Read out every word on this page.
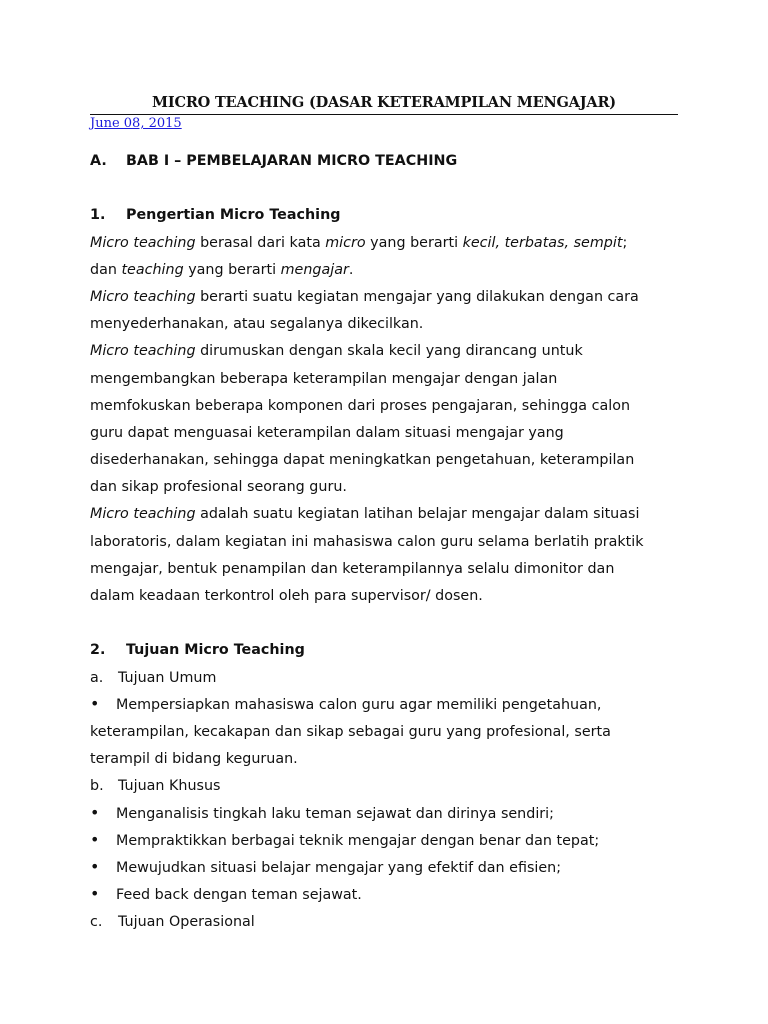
MICRO TEACHING (DASAR KETERAMPILAN MENGAJAR)
June 08, 2015
A. BAB I – PEMBELAJARAN MICRO TEACHING
1. Pengertian Micro Teaching
Micro teaching berasal dari kata micro yang berarti kecil, terbatas, sempit;
dan teaching yang berarti mengajar.
Micro teaching berarti suatu kegiatan mengajar yang dilakukan dengan cara
menyederhanakan, atau segalanya dikecilkan.
Micro teaching dirumuskan dengan skala kecil yang dirancang untuk
mengembangkan beberapa keterampilan mengajar dengan jalan
memfokuskan beberapa komponen dari proses pengajaran, sehingga calon
guru dapat menguasai keterampilan dalam situasi mengajar yang
disederhanakan, sehingga dapat meningkatkan pengetahuan, keterampilan
dan sikap profesional seorang guru.
Micro teaching adalah suatu kegiatan latihan belajar mengajar dalam situasi
laboratoris, dalam kegiatan ini mahasiswa calon guru selama berlatih praktik
mengajar, bentuk penampilan dan keterampilannya selalu dimonitor dan
dalam keadaan terkontrol oleh para supervisor/ dosen.
2. Tujuan Micro Teaching
a. Tujuan Umum
• Mempersiapkan mahasiswa calon guru agar memiliki pengetahuan,
keterampilan, kecakapan dan sikap sebagai guru yang profesional, serta
terampil di bidang keguruan.
b. Tujuan Khusus
• Menganalisis tingkah laku teman sejawat dan dirinya sendiri;
• Mempraktikkan berbagai teknik mengajar dengan benar dan tepat;
• Mewujudkan situasi belajar mengajar yang efektif dan efisien;
• Feed back dengan teman sejawat.
c. Tujuan Operasional
